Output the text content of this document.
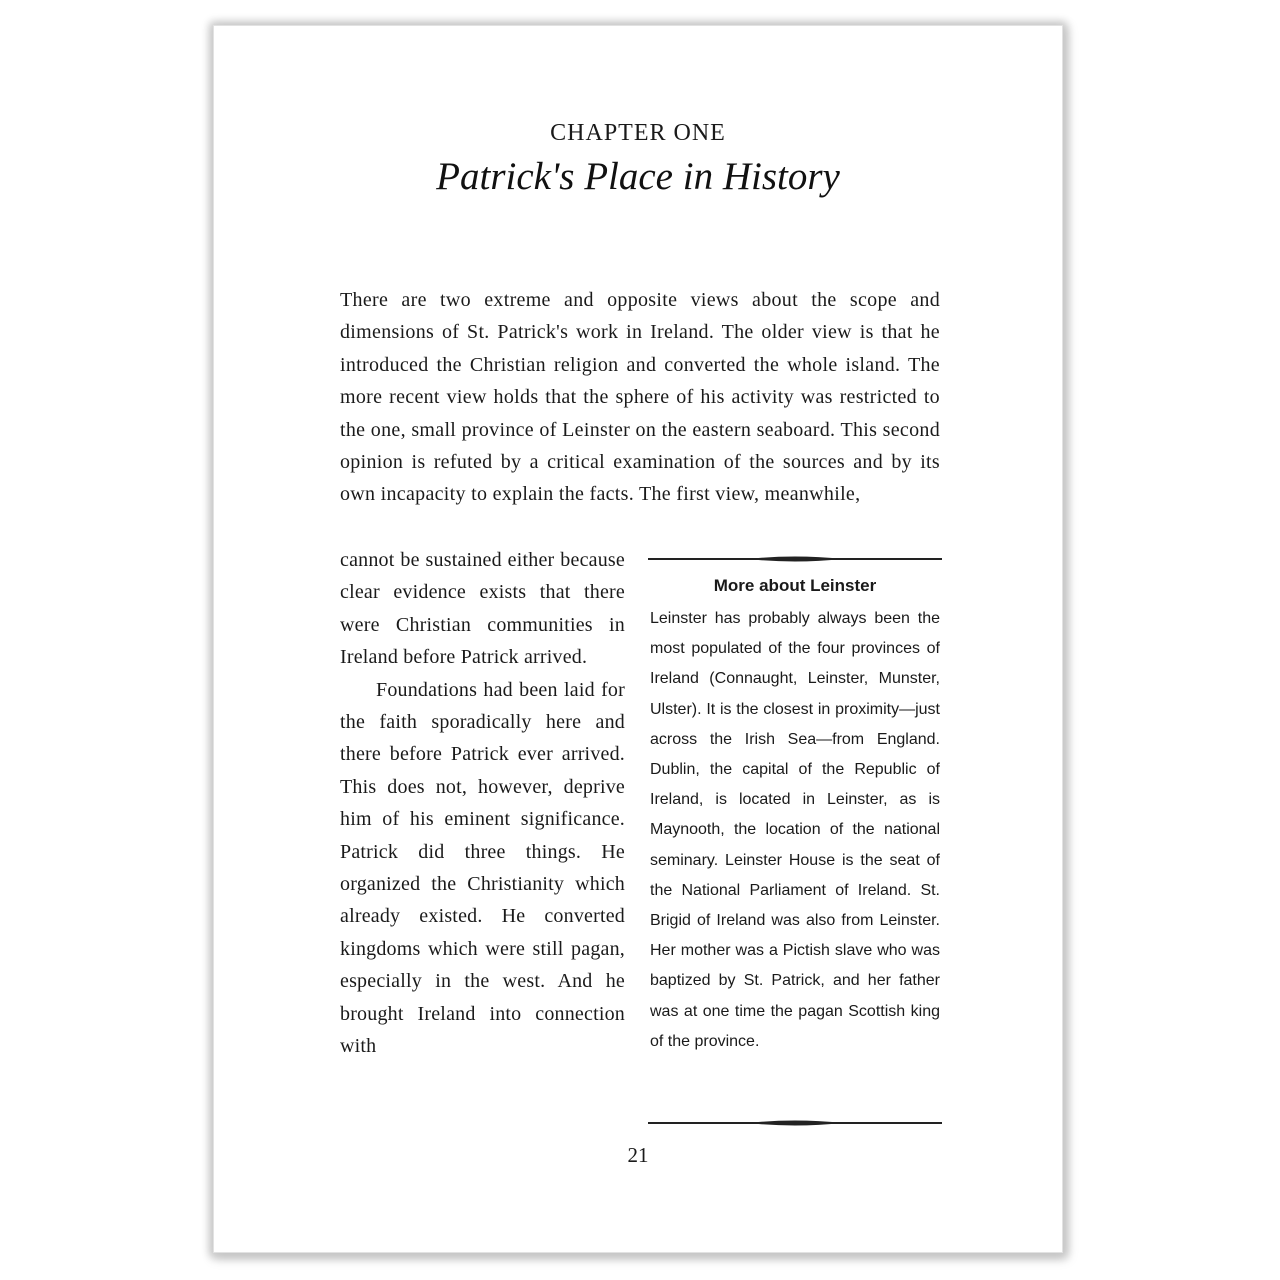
CHAPTER ONE
Patrick's Place in History

There are two extreme and opposite views about the scope and dimensions of St. Patrick's work in Ireland. The older view is that he introduced the Christian religion and converted the whole island. The more recent view holds that the sphere of his activity was restricted to the one, small province of Leinster on the eastern seaboard. This second opinion is refuted by a critical examination of the sources and by its own incapacity to explain the facts. The first view, meanwhile,

cannot be sustained either because clear evidence exists that there were Christian communities in Ireland before Patrick arrived.

Foundations had been laid for the faith sporadically here and there before Patrick ever arrived. This does not, however, deprive him of his eminent significance. Patrick did three things. He organized the Christianity which already existed. He converted kingdoms which were still pagan, especially in the west. And he brought Ireland into connection with

More about Leinster

Leinster has probably always been the most populated of the four provinces of Ireland (Connaught, Leinster, Munster, Ulster). It is the closest in proximity—just across the Irish Sea—from England. Dublin, the capital of the Republic of Ireland, is located in Leinster, as is Maynooth, the location of the national seminary. Leinster House is the seat of the National Parliament of Ireland. St. Brigid of Ireland was also from Leinster. Her mother was a Pictish slave who was baptized by St. Patrick, and her father was at one time the pagan Scottish king of the province.

21
